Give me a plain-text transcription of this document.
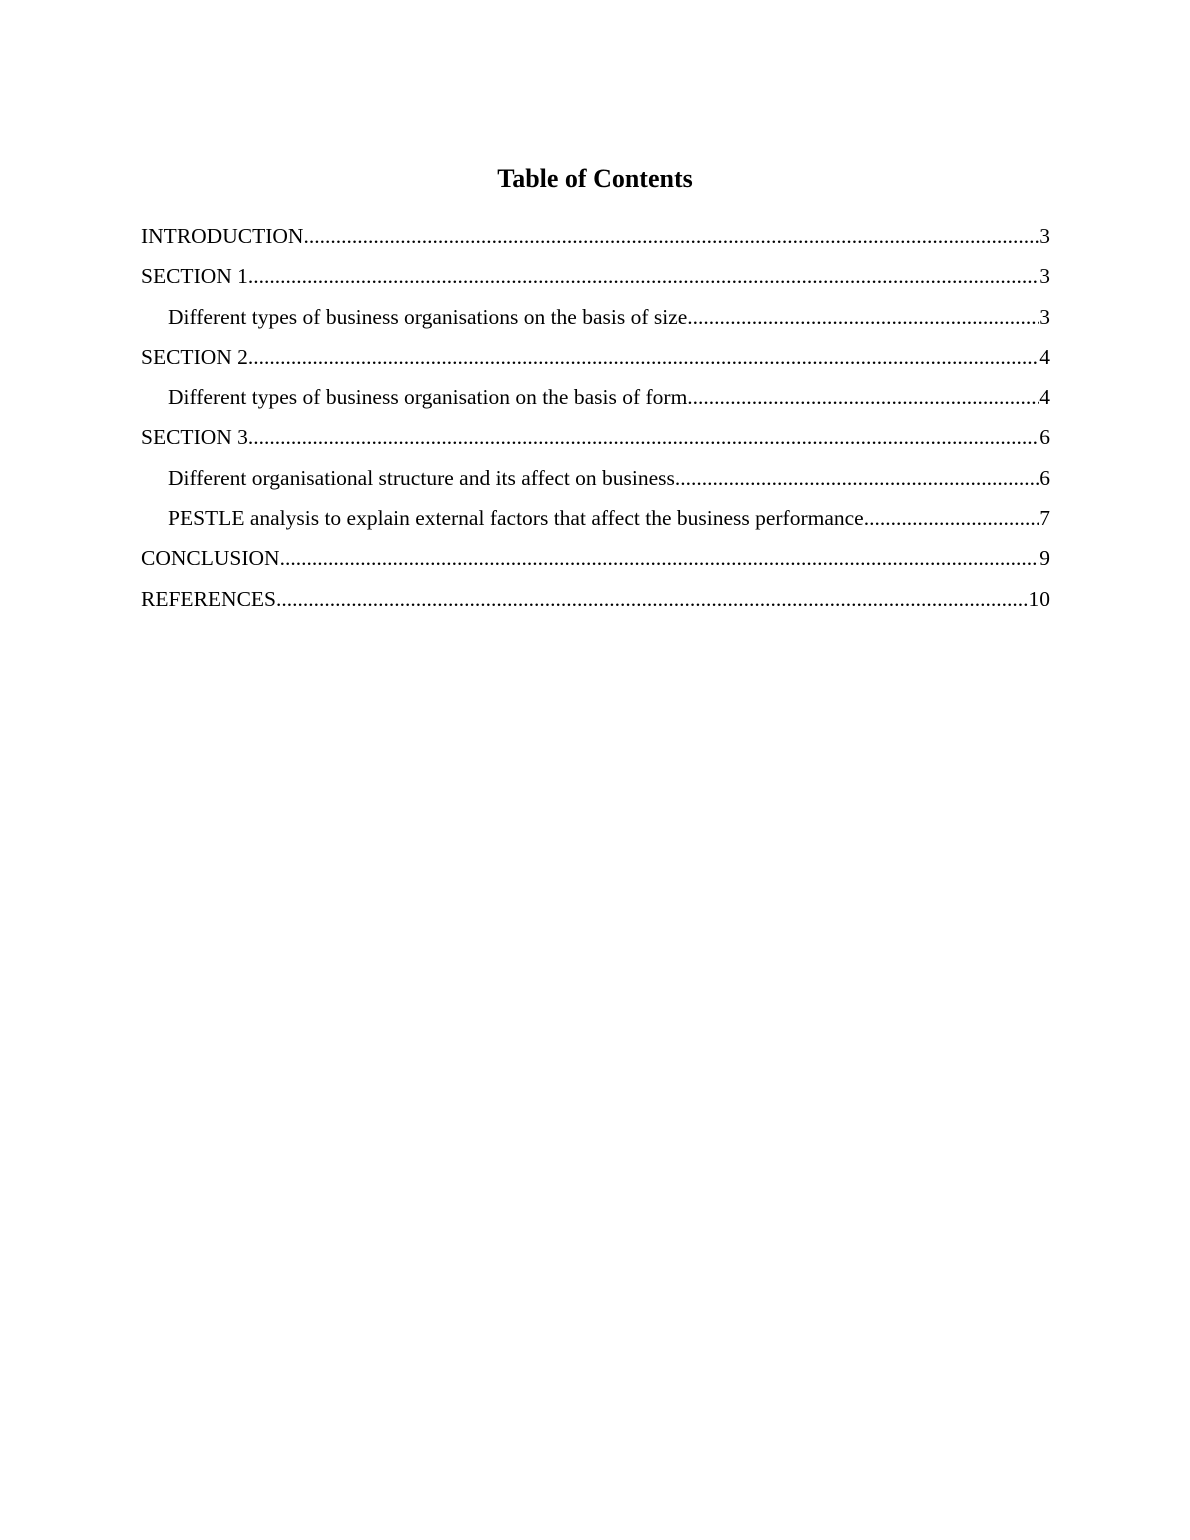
Table of Contents
INTRODUCTION .....	3
SECTION 1 .....	3
Different types of business organisations on the basis of size .....	3
SECTION 2 .....	4
Different types of business organisation on the basis of form .....	4
SECTION 3 .....	6
Different organisational structure and its affect on business .....	6
PESTLE analysis to explain external factors that affect the business performance .....	7
CONCLUSION .....	9
REFERENCES .....	10
